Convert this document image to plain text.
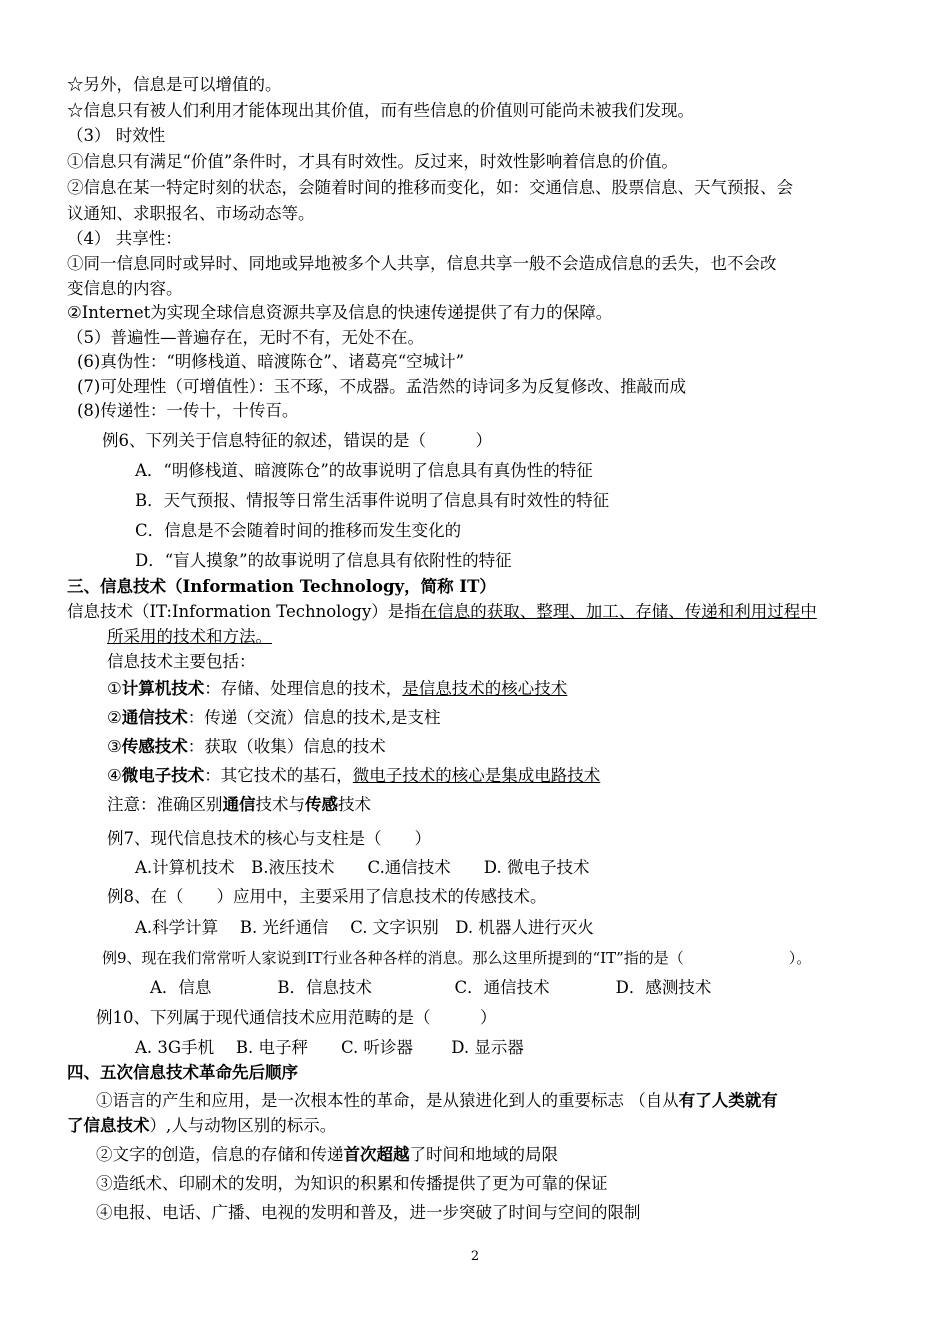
☆另外，信息是可以增值的。
☆信息只有被人们利用才能体现出其价值，而有些信息的价值则可能尚未被我们发现。
（3） 时效性
①信息只有满足“价值”条件时，才具有时效性。反过来，时效性影响着信息的价值。
②信息在某一特定时刻的状态，会随着时间的推移而变化，如：交通信息、股票信息、天气预报、会
议通知、求职报名、市场动态等。
（4） 共享性：
①同一信息同时或异时、同地或异地被多个人共享，信息共享一般不会造成信息的丢失，也不会改
变信息的内容。
②Internet为实现全球信息资源共享及信息的快速传递提供了有力的保障。
（5）普遍性—普遍存在，无时不有，无处不在。
(6)真伪性：“明修栈道、暗渡陈仓”、诸葛亮“空城计”
(7)可处理性（可增值性）：玉不琢，不成器。孟浩然的诗词多为反复修改、推敲而成
(8)传递性：一传十，十传百。
例6、下列关于信息特征的叙述，错误的是（　　　）
A．“明修栈道、暗渡陈仓”的故事说明了信息具有真伪性的特征
B．天气预报、情报等日常生活事件说明了信息具有时效性的特征
C．信息是不会随着时间的推移而发生变化的
D．“盲人摸象”的故事说明了信息具有依附性的特征
三、信息技术（Information Technology，简称 IT）
信息技术（IT:Information Technology）是指在信息的获取、整理、加工、存储、传递和利用过程中
所采用的技术和方法。
信息技术主要包括：
①计算机技术：存储、处理信息的技术，是信息技术的核心技术
②通信技术：传递（交流）信息的技术,是支柱
③传感技术：获取（收集）信息的技术
④微电子技术：其它技术的基石，微电子技术的核心是集成电路技术
注意：准确区别通信技术与传感技术
例7、现代信息技术的核心与支柱是（　　）
A.计算机技术　B.液压技术　　C.通信技术　　D. 微电子技术
例8、在（　　）应用中，主要采用了信息技术的传感技术。
A.科学计算　 B. 光纤通信　 C. 文字识别　D. 机器人进行灭火
例9、现在我们常常听人家说到IT行业各种各样的消息。那么这里所提到的“IT”指的是（　　　　　　　）。
A．信息　　　　B．信息技术　　　　　C．通信技术　　　　D．感测技术
例10、下列属于现代通信技术应用范畴的是（　　　）
A. 3G手机　 B. 电子秤　　C. 听诊器　　 D. 显示器
四、五次信息技术革命先后顺序
①语言的产生和应用，是一次根本性的革命，是从猿进化到人的重要标志 （自从有了人类就有
了信息技术）,人与动物区别的标示。
②文字的创造，信息的存储和传递首次超越了时间和地域的局限
③造纸术、印刷术的发明，为知识的积累和传播提供了更为可靠的保证
④电报、电话、广播、电视的发明和普及，进一步突破了时间与空间的限制
2
